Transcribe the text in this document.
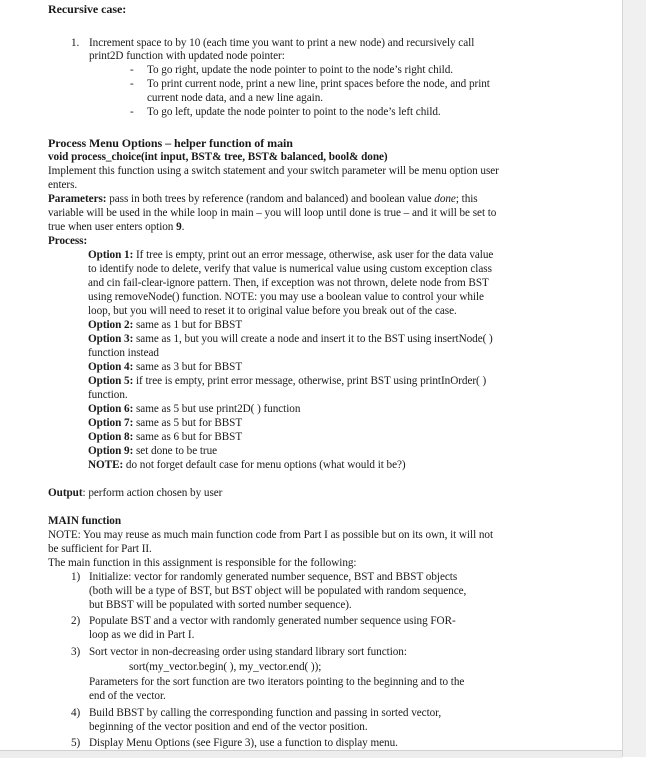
Recursive case:
1. Increment space to by 10 (each time you want to print a new node) and recursively call
print2D function with updated node pointer:
- To go right, update the node pointer to point to the node’s right child.
- To print current node, print a new line, print spaces before the node, and print
current node data, and a new line again.
- To go left, update the node pointer to point to the node’s left child.
Process Menu Options – helper function of main
void process_choice(int input, BST& tree, BST& balanced, bool& done)
Implement this function using a switch statement and your switch parameter will be menu option user
enters.
Parameters: pass in both trees by reference (random and balanced) and boolean value done; this
variable will be used in the while loop in main – you will loop until done is true – and it will be set to
true when user enters option 9.
Process:
Option 1: If tree is empty, print out an error message, otherwise, ask user for the data value
to identify node to delete, verify that value is numerical value using custom exception class
and cin fail-clear-ignore pattern. Then, if exception was not thrown, delete node from BST
using removeNode() function. NOTE: you may use a boolean value to control your while
loop, but you will need to reset it to original value before you break out of the case.
Option 2: same as 1 but for BBST
Option 3: same as 1, but you will create a node and insert it to the BST using insertNode( )
function instead
Option 4: same as 3 but for BBST
Option 5: if tree is empty, print error message, otherwise, print BST using printInOrder( )
function.
Option 6: same as 5 but use print2D( ) function
Option 7: same as 5 but for BBST
Option 8: same as 6 but for BBST
Option 9: set done to be true
NOTE: do not forget default case for menu options (what would it be?)
Output: perform action chosen by user
MAIN function
NOTE: You may reuse as much main function code from Part I as possible but on its own, it will not
be sufficient for Part II.
The main function in this assignment is responsible for the following:
1) Initialize: vector for randomly generated number sequence, BST and BBST objects
(both will be a type of BST, but BST object will be populated with random sequence,
but BBST will be populated with sorted number sequence).
2) Populate BST and a vector with randomly generated number sequence using FOR-
loop as we did in Part I.
3) Sort vector in non-decreasing order using standard library sort function:
sort(my_vector.begin( ), my_vector.end( ));
Parameters for the sort function are two iterators pointing to the beginning and to the
end of the vector.
4) Build BBST by calling the corresponding function and passing in sorted vector,
beginning of the vector position and end of the vector position.
5) Display Menu Options (see Figure 3), use a function to display menu.
